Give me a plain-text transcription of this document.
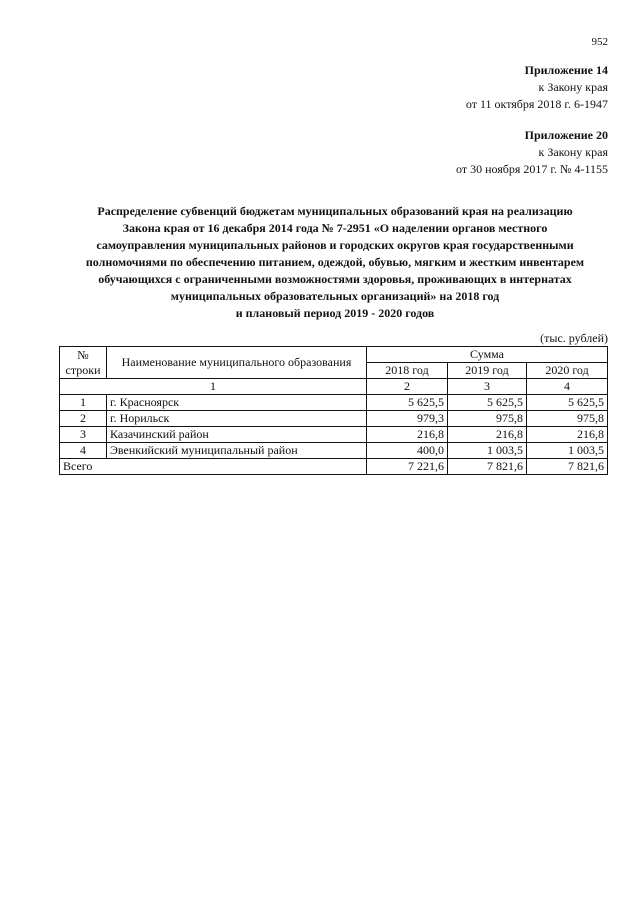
952
Приложение 14
к Закону края
от 11 октября 2018 г. 6-1947
Приложение 20
к Закону края
от 30 ноября 2017 г. № 4-1155
Распределение субвенций бюджетам муниципальных образований края на реализацию
Закона края от 16 декабря 2014 года № 7-2951 «О наделении органов местного
самоуправления муниципальных районов и городских округов края государственными
полномочиями по обеспечению питанием, одеждой, обувью, мягким и жестким инвентарем
обучающихся с ограниченными возможностями здоровья, проживающих в интернатах
муниципальных образовательных организаций» на 2018 год
и плановый период 2019 - 2020 годов
(тыс. рублей)
№ строки	Наименование муниципального образования	Сумма		
		2018 год	2019 год	2020 год
1		2	3	4
1	г. Красноярск	5 625,5	5 625,5	5 625,5
2	г. Норильск	979,3	975,8	975,8
3	Казачинский район	216,8	216,8	216,8
4	Эвенкийский муниципальный район	400,0	1 003,5	1 003,5
Всего		7 221,6	7 821,6	7 821,6
